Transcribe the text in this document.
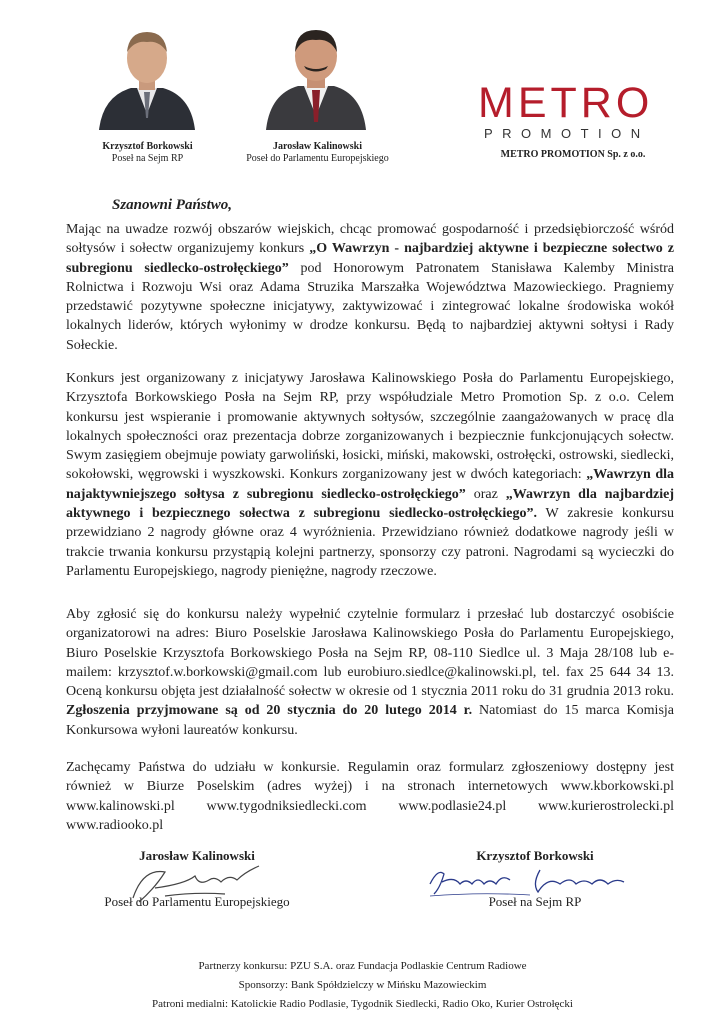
Krzysztof Borkowski
Poseł na Sejm RP
Jarosław Kalinowski
Poseł do Parlamentu Europejskiego
METRO
PROMOTION
METRO PROMOTION Sp. z o.o.
Szanowni Państwo,
Mając na uwadze rozwój obszarów wiejskich, chcąc promować gospodarność i przedsiębiorczość wśród sołtysów i sołectw organizujemy konkurs „O Wawrzyn - najbardziej aktywne i bezpieczne sołectwo z subregionu siedlecko-ostrołęckiego” pod Honorowym Patronatem Stanisława Kalemby Ministra Rolnictwa i Rozwoju Wsi oraz Adama Struzika Marszałka Województwa Mazowieckiego. Pragniemy przedstawić pozytywne społeczne inicjatywy, zaktywizować i zintegrować lokalne środowiska wokół lokalnych liderów, których wyłonimy w drodze konkursu. Będą to najbardziej aktywni sołtysi i Rady Sołeckie.
Konkurs jest organizowany z inicjatywy Jarosława Kalinowskiego Posła do Parlamentu Europejskiego, Krzysztofa Borkowskiego Posła na Sejm RP, przy współudziale Metro Promotion Sp. z o.o. Celem konkursu jest wspieranie i promowanie aktywnych sołtysów, szczególnie zaangażowanych w pracę dla lokalnych społeczności oraz prezentacja dobrze zorganizowanych i bezpiecznie funkcjonujących sołectw. Swym zasięgiem obejmuje powiaty garwoliński, łosicki, miński, makowski, ostrołęcki, ostrowski, siedlecki, sokołowski, węgrowski i wyszkowski. Konkurs zorganizowany jest w dwóch kategoriach: „Wawrzyn dla najaktywniejszego sołtysa z subregionu siedlecko-ostrołęckiego” oraz „Wawrzyn dla najbardziej aktywnego i bezpiecznego sołectwa z subregionu siedlecko-ostrołęckiego”. W zakresie konkursu przewidziano 2 nagrody główne oraz 4 wyróżnienia. Przewidziano również dodatkowe nagrody jeśli w trakcie trwania konkursu przystąpią kolejni partnerzy, sponsorzy czy patroni. Nagrodami są wycieczki do Parlamentu Europejskiego, nagrody pieniężne, nagrody rzeczowe.
Aby zgłosić się do konkursu należy wypełnić czytelnie formularz i przesłać lub dostarczyć osobiście organizatorowi na adres: Biuro Poselskie Jarosława Kalinowskiego Posła do Parlamentu Europejskiego, Biuro Poselskie Krzysztofa Borkowskiego Posła na Sejm RP, 08-110 Siedlce ul. 3 Maja 28/108 lub e-mailem: krzysztof.w.borkowski@gmail.com lub eurobiuro.siedlce@kalinowski.pl, tel. fax 25 644 34 13. Oceną konkursu objęta jest działalność sołectw w okresie od 1 stycznia 2011 roku do 31 grudnia 2013 roku. Zgłoszenia przyjmowane są od 20 stycznia do 20 lutego 2014 r. Natomiast do 15 marca Komisja Konkursowa wyłoni laureatów konkursu.
Zachęcamy Państwa do udziału w konkursie. Regulamin oraz formularz zgłoszeniowy dostępny jest również w Biurze Poselskim (adres wyżej) i na stronach internetowych www.kborkowski.pl www.kalinowski.pl www.tygodniksiedlecki.com www.podlasie24.pl www.kurierostrolecki.pl www.radiooko.pl
Jarosław Kalinowski
Poseł do Parlamentu Europejskiego
Krzysztof Borkowski
Poseł na Sejm RP
Partnerzy konkursu: PZU S.A. oraz Fundacja Podlaskie Centrum Radiowe
Sponsorzy: Bank Spółdzielczy w Mińsku Mazowieckim
Patroni medialni: Katolickie Radio Podlasie, Tygodnik Siedlecki, Radio Oko, Kurier Ostrołęcki
